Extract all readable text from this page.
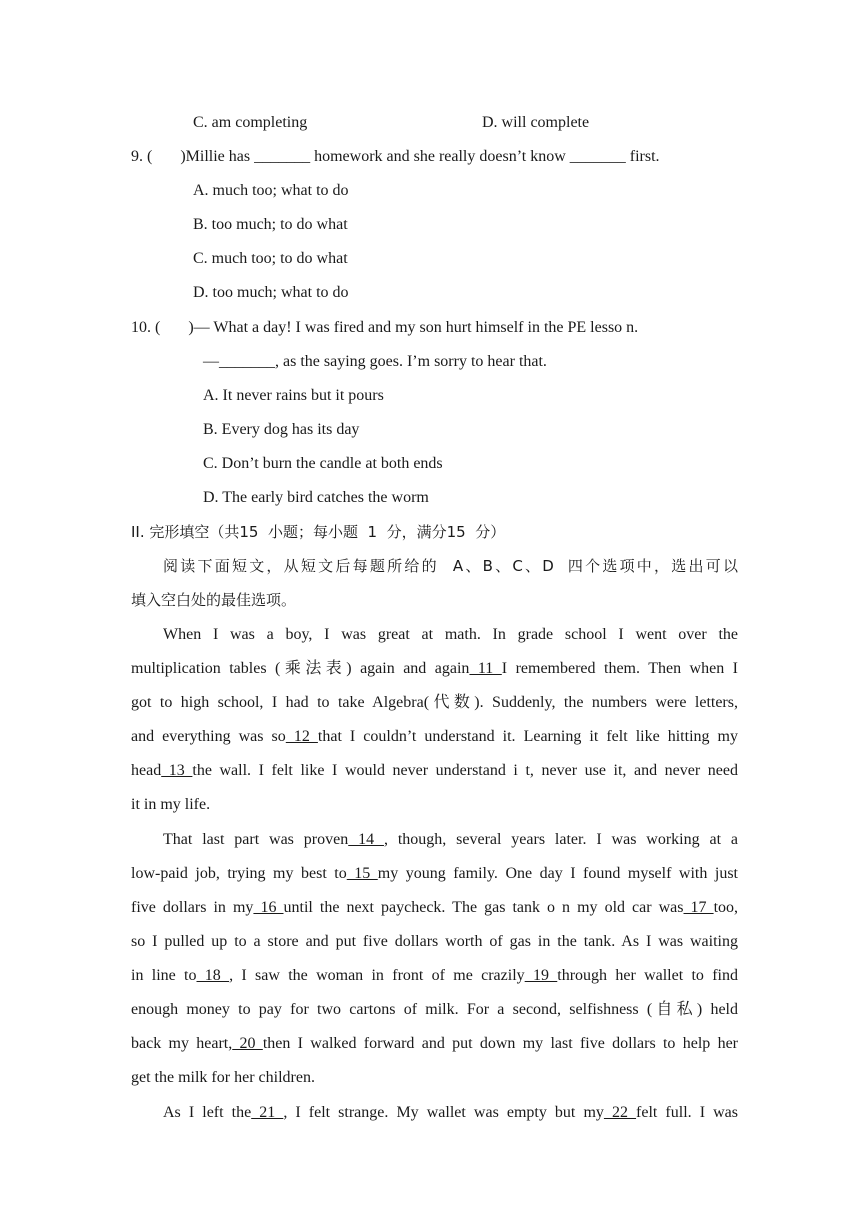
C. am completing	D. will complete
9. (       )Millie has _______ homework and she really doesn’t know _______ first.
A. much too; what to do
B. too much; to do what
C. much too; to do what
D. too much; what to do
10. (       )— What a day! I was fired and my son hurt himself in the PE lesso n.
—_______, as the saying goes. I’m sorry to hear that.
A. It never rains but it pours
B. Every dog has its day
C. Don’t burn the candle at both ends
D. The early bird catches the worm
II. 完形填空（共15  小题；每小题  1  分，满分15  分）
阅读下面短文，从短文后每题所给的  A、B、C、D  四个选项中，选出可以
填入空白处的最佳选项。
When I was a boy, I was great at math. In grade school I went over the
multiplication tables (乘法表) again and again 11 I remembered them. Then when I
got to high school, I had to take Algebra(代数). Suddenly, the numbers were letters,
and everything was so 12 that I couldn’t understand it. Learning it felt like hitting my
head 13 the wall. I felt like I would never understand i t, never use it, and never need
it in my life.
That last part was proven 14 , though, several years later. I was working at a
low-paid job, trying my best to 15 my young family. One day I found myself with just
five dollars in my 16 until the next paycheck. The gas tank o n my old car was 17 too,
so I pulled up to a store and put five dollars worth of gas in the tank. As I was waiting
in line to 18 , I saw the woman in front of me crazily 19 through her wallet to find
enough money to pay for two cartons of milk. For a second, selfishness (自私) held
back my heart, 20 then I walked forward and put down my last five dollars to help her
get the milk for her children.
As I left the 21 , I felt strange. My wallet was empty but my 22 felt full. I was
